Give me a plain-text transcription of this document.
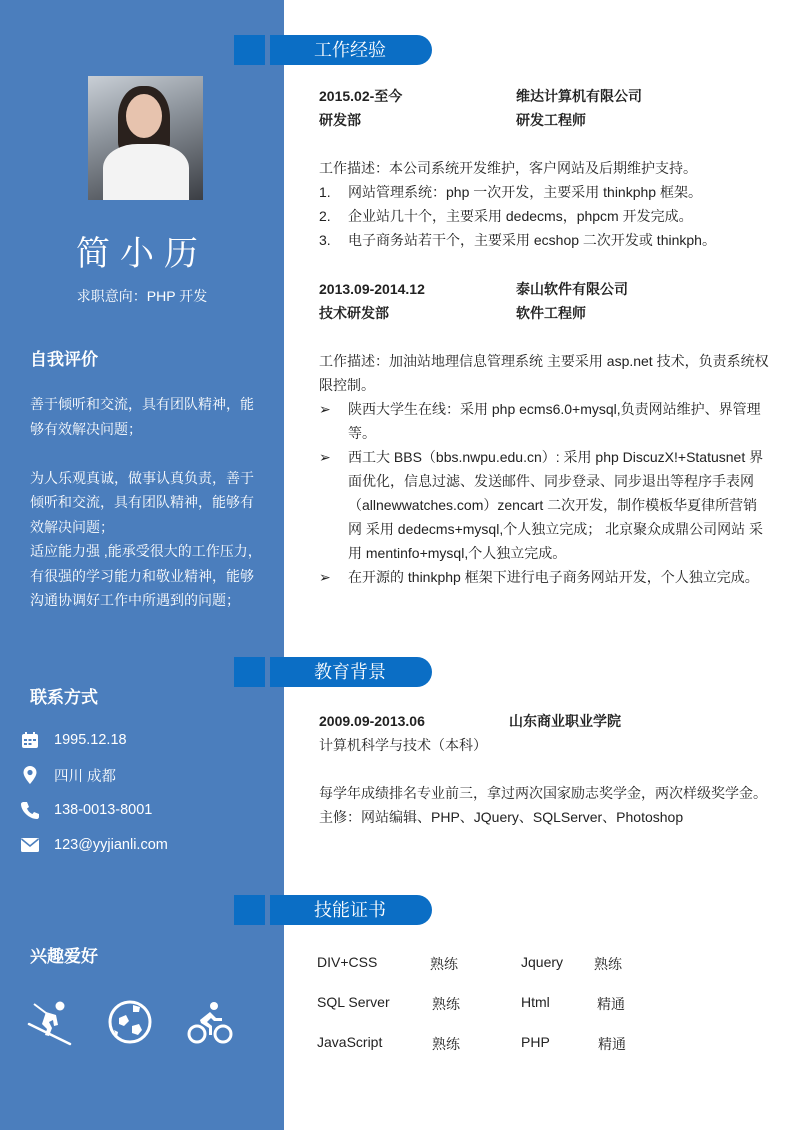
简小历
求职意向：PHP 开发
自我评价

善于倾听和交流，具有团队精神，能够有效解决问题；

为人乐观真诚，做事认真负责，善于倾听和交流，具有团队精神，能够有效解决问题；

适应能力强 ,能承受很大的工作压力，有很强的学习能力和敬业精神，能够沟通协调好工作中所遇到的问题；

联系方式
1995.12.18
四川 成都
138-0013-8001
123@yyjianli.com
兴趣爱好
工作经验
2015.02-至今	维达计算机有限公司
研发部	研发工程师

工作描述：本公司系统开发维护，客户网站及后期维护支持。

1.	网站管理系统：php 一次开发，主要采用 thinkphp 框架。
2.	企业站几十个，主要采用 dedecms，phpcm 开发完成。
3.	电子商务站若干个，主要采用 ecshop 二次开发或 thinkph。
2013.09-2014.12	泰山软件有限公司
技术研发部	软件工程师

工作描述：加油站地理信息管理系统 主要采用 asp.net 技术，负责系统权限控制。

➢	陕西大学生在线：采用 php ecms6.0+mysql,负责网站维护、界管理等。
➢	西工大 BBS（bbs.nwpu.edu.cn）: 采用 php DiscuzX!+Statusnet 界面优化，信息过滤、发送邮件、同步登录、同步退出等程序手表网（allnewwatches.com）zencart 二次开发，制作模板华夏律所营销网 采用 dedecms+mysql,个人独立完成； 北京聚众成鼎公司网站 采用 mentinfo+mysql,个人独立完成。
➢	在开源的 thinkphp 框架下进行电子商务网站开发，个人独立完成。
教育背景
2009.09-2013.06	山东商业职业学院

计算机科学与技术（本科）

每学年成绩排名专业前三，拿过两次国家励志奖学金，两次样级奖学金。

主修：网站编辑、PHP、JQuery、SQLServer、Photoshop

技能证书
DIV+CSS	熟练	Jquery	熟练
SQL Server	熟练	Html	精通
JavaScript	熟练	PHP	精通
